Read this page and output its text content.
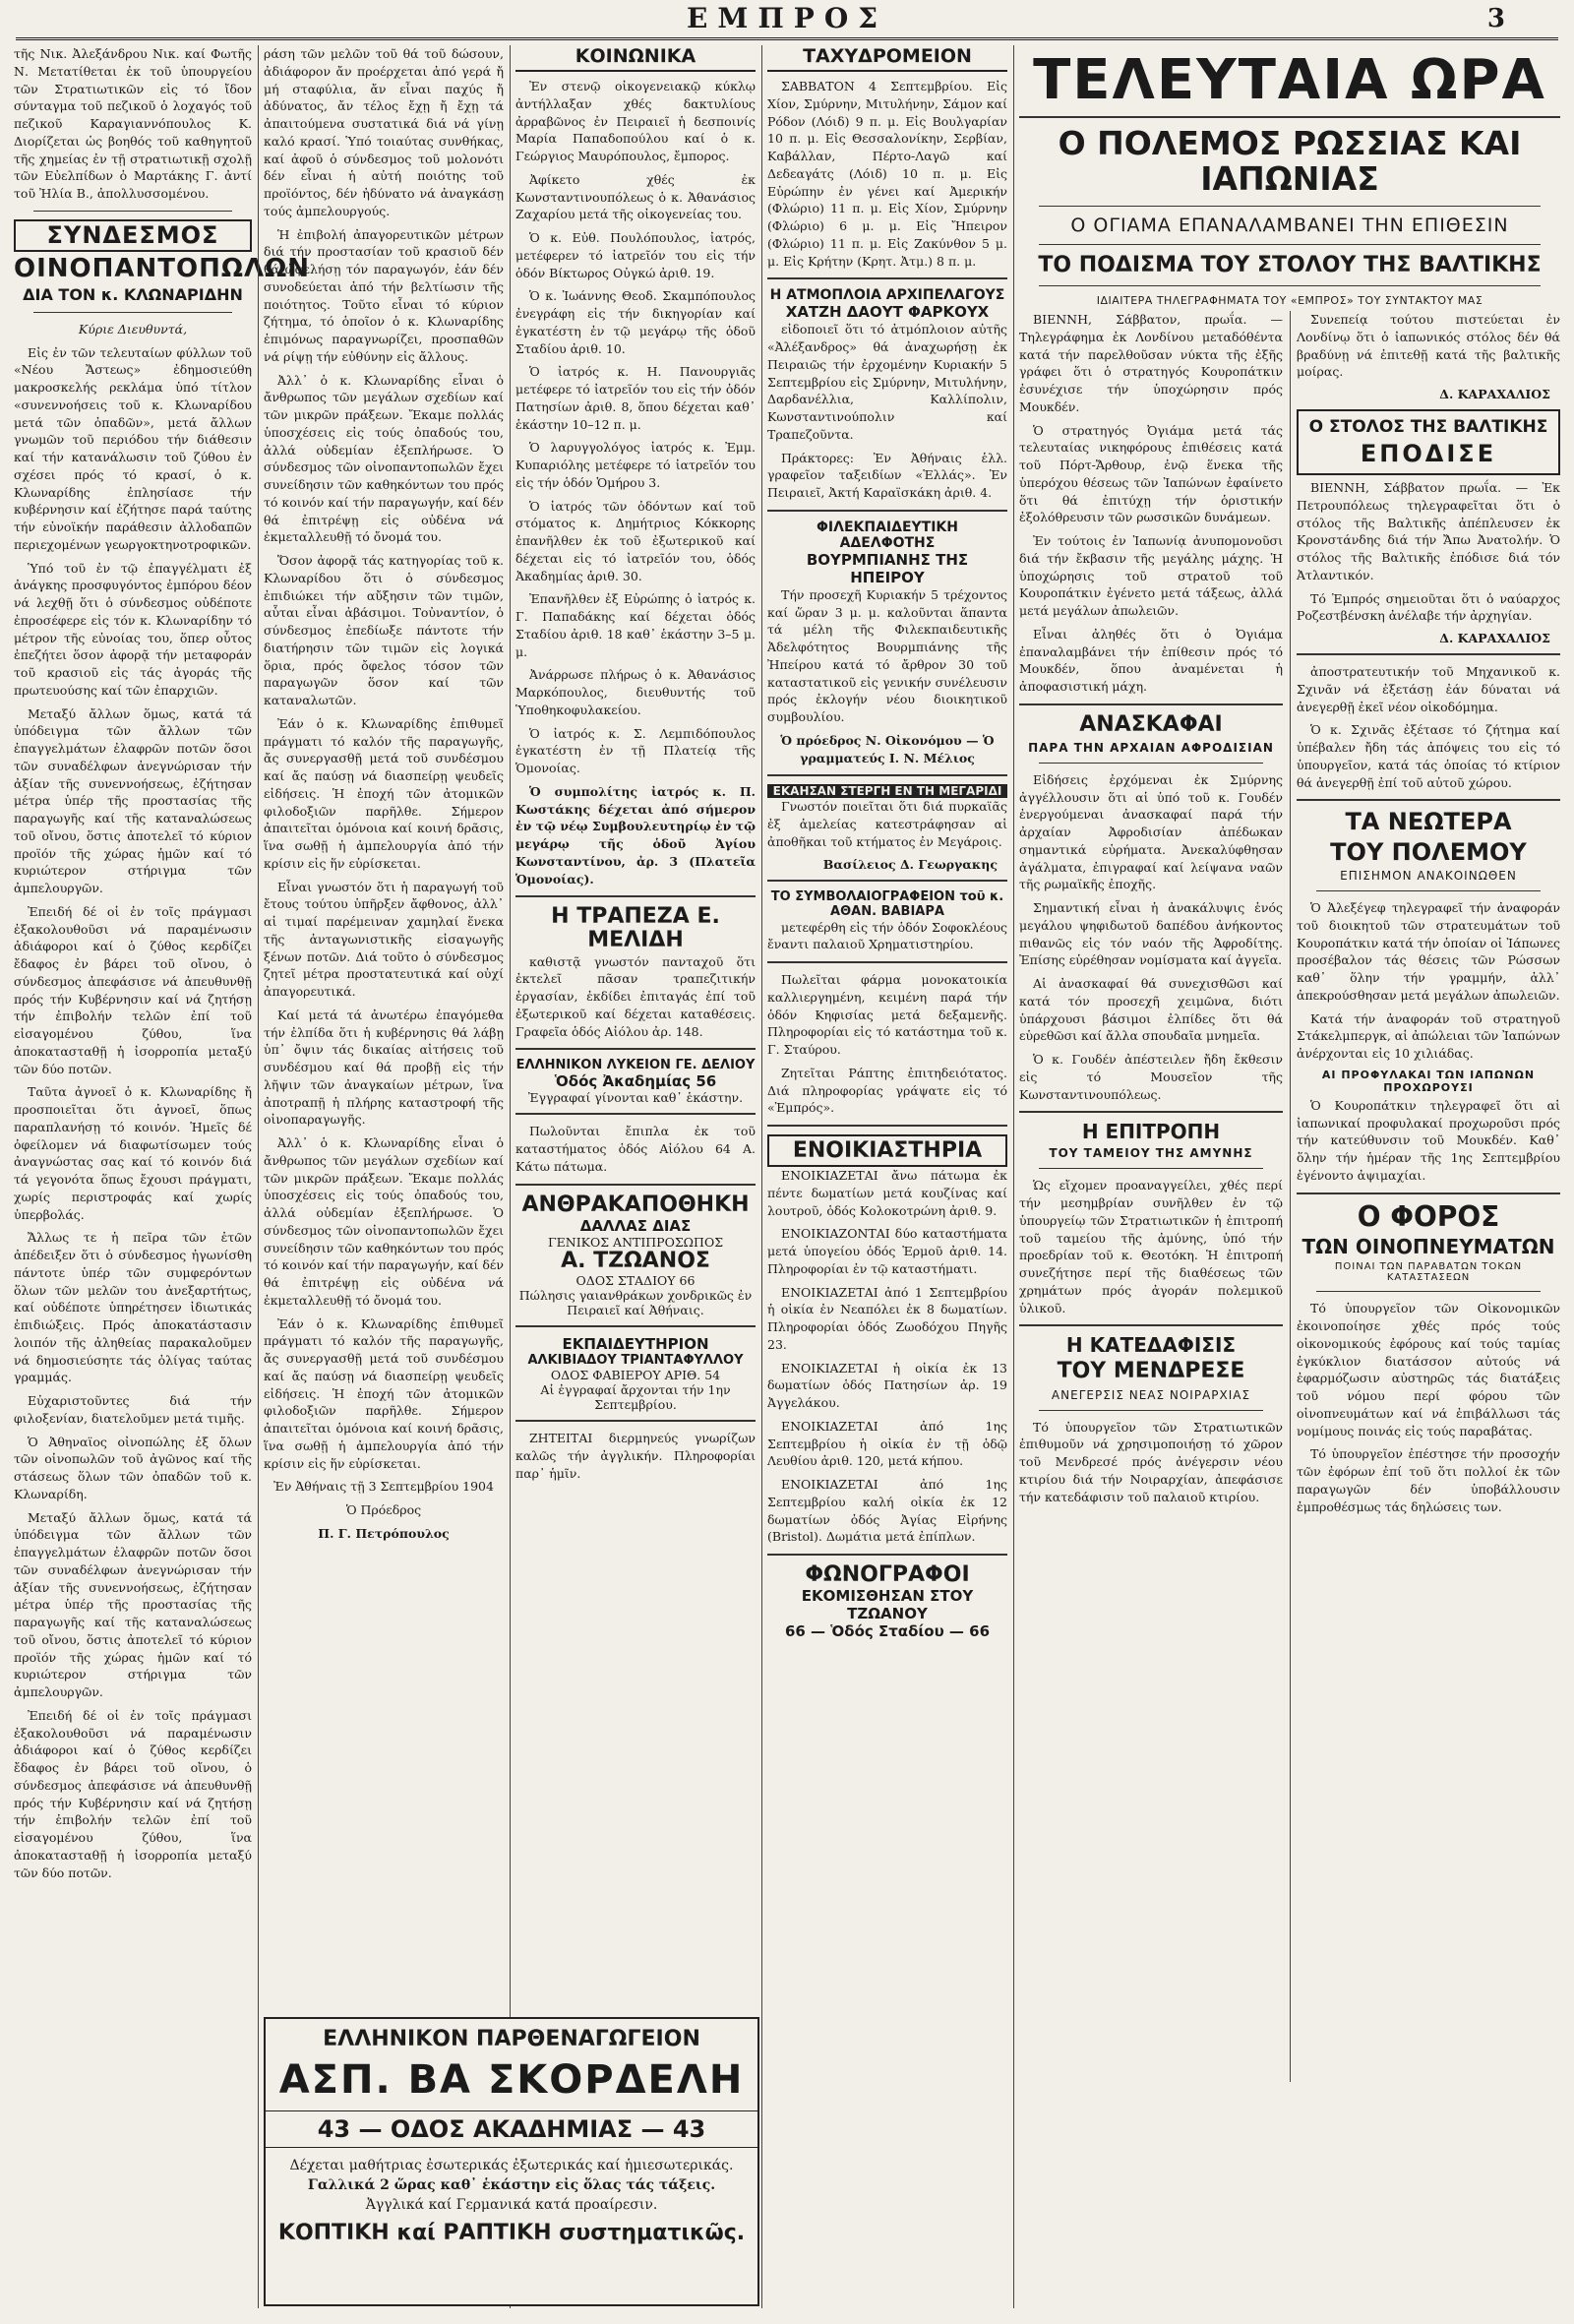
ΕΜΠΡΟΣ	3

τῆς Νικ. Ἀλεξάνδρου Νικ. καί Φωτῆς Ν. Μετατίθεται ἐκ τοῦ ὑπουργείου τῶν Στρατιωτικῶν εἰς τό ἴδον σύνταγμα τοῦ πεζικοῦ ὁ λοχαγός τοῦ πεζικοῦ Καραγιαννόπουλος Κ. Διορίζεται ὡς βοηθός τοῦ καθηγητοῦ τῆς χημείας ἐν τῇ στρατιωτικῇ σχολῇ τῶν Εὐελπίδων ὁ Μαρτάκης Γ. ἀντί τοῦ Ἠλία Β., ἀπολλυσσομένου.

ΣΥΝΔΕΣΜΟΣ
ΟΙΝΟΠΑΝΤΟΠΩΛΩΝ
ΔΙΑ ΤΟΝ κ. ΚΛΩΝΑΡΙΔΗΝ

Κύριε Διευθυντά,

Εἰς ἐν τῶν τελευταίων φύλλων τοῦ «Νέου Ἄστεως» ἐδημοσιεύθη μακροσκελής ρεκλάμα ὑπό τίτλον «συνεννοήσεις τοῦ κ. Κλωναρίδου μετά τῶν ὀπαδῶν», μετά ἄλλων γνωμῶν τοῦ περιόδου τήν διάθεσιν καί τήν κατανάλωσιν τοῦ ζύθου ἐν σχέσει πρός τό κρασί, ὁ κ. Κλωναρίδης ἐπλησίασε τήν κυβέρνησιν καί ἐζήτησε παρά ταύτης τήν εὐνοϊκήν παράθεσιν ἀλλοδαπῶν περιεχομένων γεωργοκτηνοτροφικῶν.

Ὑπό τοῦ ἐν τῷ ἐπαγγέλματι ἐξ ἀνάγκης προσφυγόντος ἐμπόρου δέον νά λεχθῇ ὅτι ὁ σύνδεσμος οὐδέποτε ἐπροσέφερε εἰς τόν κ. Κλωναρίδην τό μέτρον τῆς εὐνοίας του, ὅπερ οὗτος ἐπεζήτει ὅσον ἀφορᾷ τήν μεταφοράν τοῦ κρασιοῦ εἰς τάς ἀγοράς τῆς πρωτευούσης καί τῶν ἐπαρχιῶν.

Μεταξύ ἄλλων ὅμως, κατά τά ὑπόδειγμα τῶν ἄλλων τῶν ἐπαγγελμάτων ἐλαφρῶν ποτῶν ὅσοι τῶν συναδέλφων ἀνεγνώρισαν τήν ἀξίαν τῆς συνεννοήσεως, ἐζήτησαν μέτρα ὑπέρ τῆς προστασίας τῆς παραγωγῆς καί τῆς καταναλώσεως τοῦ οἴνου, ὅστις ἀποτελεῖ τό κύριον προϊόν τῆς χώρας ἡμῶν καί τό κυριώτερον στήριγμα τῶν ἀμπελουργῶν.

Ἐπειδή δέ οἱ ἐν τοῖς πράγμασι ἐξακολουθοῦσι νά παραμένωσιν ἀδιάφοροι καί ὁ ζύθος κερδίζει ἔδαφος ἐν βάρει τοῦ οἴνου, ὁ σύνδεσμος ἀπεφάσισε νά ἀπευθυνθῇ πρός τήν Κυβέρνησιν καί νά ζητήσῃ τήν ἐπιβολήν τελῶν ἐπί τοῦ εἰσαγομένου ζύθου, ἵνα ἀποκατασταθῇ ἡ ἰσορροπία μεταξύ τῶν δύο ποτῶν.

Ταῦτα ἀγνοεῖ ὁ κ. Κλωναρίδης ἤ προσποιεῖται ὅτι ἀγνοεῖ, ὅπως παραπλανήσῃ τό κοινόν. Ἡμεῖς δέ ὀφείλομεν νά διαφωτίσωμεν τούς ἀναγνώστας σας καί τό κοινόν διά τά γεγονότα ὅπως ἔχουσι πράγματι, χωρίς περιστροφάς καί χωρίς ὑπερβολάς.

Ἄλλως τε ἡ πεῖρα τῶν ἐτῶν ἀπέδειξεν ὅτι ὁ σύνδεσμος ἠγωνίσθη πάντοτε ὑπέρ τῶν συμφερόντων ὅλων τῶν μελῶν του ἀνεξαρτήτως, καί οὐδέποτε ὑπηρέτησεν ἰδιωτικάς ἐπιδιώξεις. Πρός ἀποκατάστασιν λοιπόν τῆς ἀληθείας παρακαλοῦμεν νά δημοσιεύσητε τάς ὀλίγας ταύτας γραμμάς.

Εὐχαριστοῦντες διά τήν φιλοξενίαν, διατελοῦμεν μετά τιμῆς.

Ὁ Ἀθηναϊος οἰνοπώλης ἐξ ὄλων τῶν οἰνοπωλῶν τοῦ ἀγῶνος καί τῆς στάσεως ὅλων τῶν ὀπαδῶν τοῦ κ. Κλωναρίδη.

Μεταξύ ἄλλων ὅμως, κατά τά ὑπόδειγμα τῶν ἄλλων τῶν ἐπαγγελμάτων ἐλαφρῶν ποτῶν ὅσοι τῶν συναδέλφων ἀνεγνώρισαν τήν ἀξίαν τῆς συνεννοήσεως, ἐζήτησαν μέτρα ὑπέρ τῆς προστασίας τῆς παραγωγῆς καί τῆς καταναλώσεως τοῦ οἴνου, ὅστις ἀποτελεῖ τό κύριον προϊόν τῆς χώρας ἡμῶν καί τό κυριώτερον στήριγμα τῶν ἀμπελουργῶν.

Ἐπειδή δέ οἱ ἐν τοῖς πράγμασι ἐξακολουθοῦσι νά παραμένωσιν ἀδιάφοροι καί ὁ ζύθος κερδίζει ἔδαφος ἐν βάρει τοῦ οἴνου, ὁ σύνδεσμος ἀπεφάσισε νά ἀπευθυνθῇ πρός τήν Κυβέρνησιν καί νά ζητήσῃ τήν ἐπιβολήν τελῶν ἐπί τοῦ εἰσαγομένου ζύθου, ἵνα ἀποκατασταθῇ ἡ ἰσορροπία μεταξύ τῶν δύο ποτῶν.

ράση τῶν μελῶν τοῦ θά τοῦ δώσουν, ἀδιάφορον ἄν προέρχεται ἀπό γερά ἤ μή σταφύλια, ἄν εἶναι παχύς ἤ ἀδύνατος, ἄν τέλος ἔχῃ ἤ ἔχῃ τά ἀπαιτούμενα συστατικά διά νά γίνῃ καλό κρασί. Ὑπό τοιαύτας συνθήκας, καί ἀφοῦ ὁ σύνδεσμος τοῦ μολονότι δέν εἶναι ἡ αὐτή ποιότης τοῦ προϊόντος, δέν ἠδύνατο νά ἀναγκάσῃ τούς ἀμπελουργούς.

Ἡ ἐπιβολή ἀπαγορευτικῶν μέτρων διά τήν προστασίαν τοῦ κρασιοῦ δέν θά ὠφελήσῃ τόν παραγωγόν, ἐάν δέν συνοδεύεται ἀπό τήν βελτίωσιν τῆς ποιότητος. Τοῦτο εἶναι τό κύριον ζήτημα, τό ὁποῖον ὁ κ. Κλωναρίδης ἐπιμόνως παραγνωρίζει, προσπαθῶν νά ρίψῃ τήν εὐθύνην εἰς ἄλλους.

Ἀλλ᾽ ὁ κ. Κλωναρίδης εἶναι ὁ ἄνθρωπος τῶν μεγάλων σχεδίων καί τῶν μικρῶν πράξεων. Ἔκαμε πολλάς ὑποσχέσεις εἰς τούς ὀπαδούς του, ἀλλά οὐδεμίαν ἐξεπλήρωσε. Ὁ σύνδεσμος τῶν οἰνοπαντοπωλῶν ἔχει συνείδησιν τῶν καθηκόντων του πρός τό κοινόν καί τήν παραγωγήν, καί δέν θά ἐπιτρέψῃ εἰς οὐδένα νά ἐκμεταλλευθῇ τό ὄνομά του.

Ὅσον ἀφορᾷ τάς κατηγορίας τοῦ κ. Κλωναρίδου ὅτι ὁ σύνδεσμος ἐπιδιώκει τήν αὔξησιν τῶν τιμῶν, αὗται εἶναι ἀβάσιμοι. Τοὐναντίον, ὁ σύνδεσμος ἐπεδίωξε πάντοτε τήν διατήρησιν τῶν τιμῶν εἰς λογικά ὅρια, πρός ὄφελος τόσον τῶν παραγωγῶν ὅσον καί τῶν καταναλωτῶν.

Ἐάν ὁ κ. Κλωναρίδης ἐπιθυμεῖ πράγματι τό καλόν τῆς παραγωγῆς, ἄς συνεργασθῇ μετά τοῦ συνδέσμου καί ἄς παύσῃ νά διασπείρῃ ψευδεῖς εἰδήσεις. Ἡ ἐποχή τῶν ἀτομικῶν φιλοδοξιῶν παρῆλθε. Σήμερον ἀπαιτεῖται ὁμόνοια καί κοινή δρᾶσις, ἵνα σωθῇ ἡ ἀμπελουργία ἀπό τήν κρίσιν εἰς ἥν εὑρίσκεται.

Εἶναι γνωστόν ὅτι ἡ παραγωγή τοῦ ἔτους τούτου ὑπῆρξεν ἄφθονος, ἀλλ᾽ αἱ τιμαί παρέμειναν χαμηλαί ἕνεκα τῆς ἀνταγωνιστικῆς εἰσαγωγῆς ξένων ποτῶν. Διά τοῦτο ὁ σύνδεσμος ζητεῖ μέτρα προστατευτικά καί οὐχί ἀπαγορευτικά.

Καί μετά τά ἀνωτέρω ἐπαγόμεθα τήν ἐλπίδα ὅτι ἡ κυβέρνησις θά λάβῃ ὑπ᾽ ὄψιν τάς δικαίας αἰτήσεις τοῦ συνδέσμου καί θά προβῇ εἰς τήν λῆψιν τῶν ἀναγκαίων μέτρων, ἵνα ἀποτραπῇ ἡ πλήρης καταστροφή τῆς οἰνοπαραγωγῆς.

Ἀλλ᾽ ὁ κ. Κλωναρίδης εἶναι ὁ ἄνθρωπος τῶν μεγάλων σχεδίων καί τῶν μικρῶν πράξεων. Ἔκαμε πολλάς ὑποσχέσεις εἰς τούς ὀπαδούς του, ἀλλά οὐδεμίαν ἐξεπλήρωσε. Ὁ σύνδεσμος τῶν οἰνοπαντοπωλῶν ἔχει συνείδησιν τῶν καθηκόντων του πρός τό κοινόν καί τήν παραγωγήν, καί δέν θά ἐπιτρέψῃ εἰς οὐδένα νά ἐκμεταλλευθῇ τό ὄνομά του.

Ἐάν ὁ κ. Κλωναρίδης ἐπιθυμεῖ πράγματι τό καλόν τῆς παραγωγῆς, ἄς συνεργασθῇ μετά τοῦ συνδέσμου καί ἄς παύσῃ νά διασπείρῃ ψευδεῖς εἰδήσεις. Ἡ ἐποχή τῶν ἀτομικῶν φιλοδοξιῶν παρῆλθε. Σήμερον ἀπαιτεῖται ὁμόνοια καί κοινή δρᾶσις, ἵνα σωθῇ ἡ ἀμπελουργία ἀπό τήν κρίσιν εἰς ἥν εὑρίσκεται.

Ἐν Ἀθήναις τῇ 3 Σεπτεμβρίου 1904

Ὁ Πρόεδρος

Π. Γ. Πετρόπουλος

ΕΛΛΗΝΙΚΟΝ ΠΑΡΘΕΝΑΓΩΓΕΙΟΝ
ΑΣΠ. ΒΑ ΣΚΟΡΔΕΛΗ
43 — ΟΔΟΣ ΑΚΑΔΗΜΙΑΣ — 43
Δέχεται μαθήτριας ἐσωτερικάς ἐξωτερικάς καί ἡμιεσωτερικάς.
Γαλλικά 2 ὥρας καθ᾽ ἑκάστην εἰς ὅλας τάς τάξεις.
Ἀγγλικά καί Γερμανικά κατά προαίρεσιν.
ΚΟΠΤΙΚΗ καί ΡΑΠΤΙΚΗ συστηματικῶς.
ΚΟΙΝΩΝΙΚΑ

Ἐν στενῷ οἰκογενειακῷ κύκλῳ ἀντήλλαξαν χθές δακτυλίους ἀρραβῶνος ἐν Πειραιεῖ ἡ δεσποινίς Μαρία Παπαδοπούλου καί ὁ κ. Γεώργιος Μαυρόπουλος, ἔμπορος.

Ἀφίκετο χθές ἐκ Κωνσταντινουπόλεως ὁ κ. Ἀθανάσιος Ζαχαρίου μετά τῆς οἰκογενείας του.

Ὁ κ. Εὐθ. Πουλόπουλος, ἰατρός, μετέφερεν τό ἰατρεῖόν του εἰς τήν ὁδόν Βίκτωρος Οὐγκώ ἀριθ. 19.

Ὁ κ. Ἰωάννης Θεοδ. Σκαμπόπουλος ἐνεγράφη εἰς τήν δικηγορίαν καί ἐγκατέστη ἐν τῷ μεγάρῳ τῆς ὁδοῦ Σταδίου ἀριθ. 10.

Ὁ ἰατρός κ. Η. Πανουργιᾶς μετέφερε τό ἰατρεῖόν του εἰς τήν ὁδόν Πατησίων ἀριθ. 8, ὅπου δέχεται καθ᾽ ἑκάστην 10–12 π. μ.

Ὁ λαρυγγολόγος ἰατρός κ. Ἐμμ. Κυπαριόλης μετέφερε τό ἰατρεῖόν του εἰς τήν ὁδόν Ὁμήρου 3.

Ὁ ἰατρός τῶν ὀδόντων καί τοῦ στόματος κ. Δημήτριος Κόκκορης ἐπανῆλθεν ἐκ τοῦ ἐξωτερικοῦ καί δέχεται εἰς τό ἰατρεῖόν του, ὁδός Ἀκαδημίας ἀριθ. 30.

Ἐπανῆλθεν ἐξ Εὐρώπης ὁ ἰατρός κ. Γ. Παπαδάκης καί δέχεται ὁδός Σταδίου ἀριθ. 18 καθ᾽ ἑκάστην 3–5 μ. μ.

Ἀνάρρωσε πλήρως ὁ κ. Ἀθανάσιος Μαρκόπουλος, διευθυντής τοῦ Ὑποθηκοφυλακείου.

Ὁ ἰατρός κ. Σ. Λεμπιδόπουλος ἐγκατέστη ἐν τῇ Πλατείᾳ τῆς Ὁμονοίας.

Ὁ συμπολίτης ἰατρός κ. Π. Κωστάκης δέχεται ἀπό σήμερον ἐν τῷ νέῳ Συμβουλευτηρίῳ ἐν τῷ μεγάρῳ τῆς ὁδοῦ Ἀγίου Κωνσταντίνου, ἀρ. 3 (Πλατεῖα Ὁμονοίας).

Η ΤΡΑΠΕΖΑ Ε. ΜΕΛΙΔΗ

καθιστᾷ γνωστόν πανταχοῦ ὅτι ἐκτελεῖ πᾶσαν τραπεζιτικήν ἐργασίαν, ἐκδίδει ἐπιταγάς ἐπί τοῦ ἐξωτερικοῦ καί δέχεται καταθέσεις. Γραφεῖα ὁδός Αἰόλου ἀρ. 148.

ΕΛΛΗΝΙΚΟΝ ΛΥΚΕΙΟΝ ΓΕ. ΔΕΛΙΟΥ
Ὁδός Ἀκαδημίας 56
Ἐγγραφαί γίνονται καθ᾽ ἑκάστην.

Πωλοῦνται ἔπιπλα ἐκ τοῦ καταστήματος ὁδός Αἰόλου 64 Α. Κάτω πάτωμα.

ΑΝΘΡΑΚΑΠΟΘΗΚΗ
ΔΑΛΛΑΣ ΔΙΑΣ
ΓΕΝΙΚΟΣ ΑΝΤΙΠΡΟΣΩΠΟΣ
Α. ΤΖΩΑΝΟΣ
ΟΔΟΣ ΣΤΑΔΙΟΥ 66
Πώλησις γαιανθράκων χονδρικῶς ἐν Πειραιεῖ καί Ἀθήναις.
ΕΚΠΑΙΔΕΥΤΗΡΙΟΝ
ΑΛΚΙΒΙΑΔΟΥ ΤΡΙΑΝΤΑΦΥΛΛΟΥ
ΟΔΟΣ ΦΑΒΙΕΡΟΥ ΑΡΙΘ. 54
Αἱ ἐγγραφαί ἄρχονται τήν 1ην Σεπτεμβρίου.

ΖΗΤΕΙΤΑΙ διερμηνεύς γνωρίζων καλῶς τήν ἀγγλικήν. Πληροφορίαι παρ᾽ ἡμῖν.

ΤΑΧΥΔΡΟΜΕΙΟΝ

ΣΑΒΒΑΤΟΝ 4 Σεπτεμβρίου. Εἰς Χίον, Σμύρνην, Μιτυλήνην, Σάμον καί Ρόδον (Λόιδ) 9 π. μ. Εἰς Βουλγαρίαν 10 π. μ. Εἰς Θεσσαλονίκην, Σερβίαν, Καβάλλαν, Πέρτο-Λαγῶ καί Δεδεαγάτς (Λόιδ) 10 π. μ. Εἰς Εὐρώπην ἐν γένει καί Ἀμερικήν (Φλώριο) 11 π. μ. Εἰς Χίον, Σμύρνην (Φλώριο) 6 μ. μ. Εἰς Ἤπειρον (Φλώριο) 11 π. μ. Εἰς Ζακύνθον 5 μ. μ. Εἰς Κρήτην (Κρητ. Ἀτμ.) 8 π. μ.

Η ΑΤΜΟΠΛΟΙΑ ΑΡΧΙΠΕΛΑΓΟΥΣ
ΧΑΤΖΗ ΔΑΟΥΤ ΦΑΡΚΟΥΧ

εἰδοποιεῖ ὅτι τό ἀτμόπλοιον αὐτῆς «Ἀλέξανδρος» θά ἀναχωρήσῃ ἐκ Πειραιῶς τήν ἐρχομένην Κυριακήν 5 Σεπτεμβρίου εἰς Σμύρνην, Μιτυλήνην, Δαρδανέλλια, Καλλίπολιν, Κωνσταντινούπολιν καί Τραπεζοῦντα.

Πράκτορες: Ἐν Ἀθήναις ἑλλ. γραφεῖον ταξειδίων «Ἑλλάς». Ἐν Πειραιεῖ, Ἀκτή Καραϊσκάκη ἀριθ. 4.

ΦΙΛΕΚΠΑΙΔΕΥΤΙΚΗ ΑΔΕΛΦΟΤΗΣ
ΒΟΥΡΜΠΙΑΝΗΣ ΤΗΣ ΗΠΕΙΡΟΥ

Τήν προσεχῆ Κυριακήν 5 τρέχοντος καί ὥραν 3 μ. μ. καλοῦνται ἅπαντα τά μέλη τῆς Φιλεκπαιδευτικῆς Ἀδελφότητος Βουρμπιάνης τῆς Ἠπείρου κατά τό ἄρθρον 30 τοῦ καταστατικοῦ εἰς γενικήν συνέλευσιν πρός ἐκλογήν νέου διοικητικοῦ συμβουλίου.

Ὁ πρόεδρος Ν. Οἰκονόμου — Ὁ γραμματεύς Ι. Ν. Μέλιος

ΕΚΑΗΣΑΝ ΣΤΕΡΓΗ ΕΝ ΤΗ ΜΕΓΑΡΙΔΙ

Γνωστόν ποιεῖται ὅτι διά πυρκαϊᾶς ἐξ ἀμελείας κατεστράφησαν αἱ ἀποθῆκαι τοῦ κτήματος ἐν Μεγάροις.

Βασίλειος Δ. Γεωργακης
ΤΟ ΣΥΜΒΟΛΑΙΟΓΡΑΦΕΙΟΝ τοῦ κ. ΑΘΑΝ. ΒΑΒΙΑΡΑ

μετεφέρθη εἰς τήν ὁδόν Σοφοκλέους ἔναντι παλαιοῦ Χρηματιστηρίου.

Πωλεῖται φάρμα μονοκατοικία καλλιεργημένη, κειμένη παρά τήν ὁδόν Κηφισίας μετά δεξαμενῆς. Πληροφορίαι εἰς τό κατάστημα τοῦ κ. Γ. Σταύρου.

Ζητεῖται Ράπτης ἐπιτηδειότατος. Διά πληροφορίας γράψατε εἰς τό «Ἐμπρός».

ΕΝΟΙΚΙΑΣΤΗΡΙΑ

ΕΝΟΙΚΙΑΖΕΤΑΙ ἄνω πάτωμα ἐκ πέντε δωματίων μετά κουζίνας καί λουτροῦ, ὁδός Κολοκοτρώνη ἀριθ. 9.

ΕΝΟΙΚΙΑΖΟΝΤΑΙ δύο καταστήματα μετά ὑπογείου ὁδός Ἑρμοῦ ἀριθ. 14. Πληροφορίαι ἐν τῷ καταστήματι.

ΕΝΟΙΚΙΑΖΕΤΑΙ ἀπό 1 Σεπτεμβρίου ἡ οἰκία ἐν Νεαπόλει ἐκ 8 δωματίων. Πληροφορίαι ὁδός Ζωοδόχου Πηγῆς 23.

ΕΝΟΙΚΙΑΖΕΤΑΙ ἡ οἰκία ἐκ 13 δωματίων ὁδός Πατησίων ἀρ. 19 Ἀγγελάκου.

ΕΝΟΙΚΙΑΖΕΤΑΙ ἀπό 1ης Σεπτεμβρίου ἡ οἰκία ἐν τῇ ὁδῷ Λευθίου ἀριθ. 120, μετά κήπου.

ΕΝΟΙΚΙΑΖΕΤΑΙ ἀπό 1ης Σεπτεμβρίου καλή οἰκία ἐκ 12 δωματίων ὁδός Ἀγίας Εἰρήνης (Bristol). Δωμάτια μετά ἐπίπλων.

ΦΩΝΟΓΡΑΦΟΙ
ΕΚΟΜΙΣΘΗΣΑΝ ΣΤΟΥ ΤΖΩΑΝΟΥ
66 — Ὁδός Σταδίου — 66
ΤΕΛΕΥΤΑΙΑ ΩΡΑ
Ο ΠΟΛΕΜΟΣ ΡΩΣΣΙΑΣ ΚΑΙ ΙΑΠΩΝΙΑΣ
Ο ΟΓΙΑΜΑ ΕΠΑΝΑΛΑΜΒΑΝΕΙ ΤΗΝ ΕΠΙΘΕΣΙΝ
ΤΟ ΠΟΔΙΣΜΑ ΤΟΥ ΣΤΟΛΟΥ ΤΗΣ ΒΑΛΤΙΚΗΣ
ΙΔΙΑΙΤΕΡΑ ΤΗΛΕΓΡΑΦΗΜΑΤΑ ΤΟΥ «ΕΜΠΡΟΣ» ΤΟΥ ΣΥΝΤΑΚΤΟΥ ΜΑΣ

ΒΙΕΝΝΗ, Σάββατον, πρωΐα. — Τηλεγράφημα ἐκ Λονδίνου μεταδόθέντα κατά τήν παρελθοῦσαν νύκτα τῆς ἐξῆς γράφει ὅτι ὁ στρατηγός Κουροπάτκιν ἐσυνέχισε τήν ὑποχώρησιν πρός Μουκδέν.

Ὁ στρατηγός Ὀγιάμα μετά τάς τελευταίας νικηφόρους ἐπιθέσεις κατά τοῦ Πόρτ-Ἄρθουρ, ἐνῷ ἕνεκα τῆς ὑπερόχου θέσεως τῶν Ἰαπώνων ἐφαίνετο ὅτι θά ἐπιτύχῃ τήν ὁριστικήν ἐξολόθρευσιν τῶν ρωσσικῶν δυνάμεων.

Ἐν τούτοις ἐν Ἰαπωνίᾳ ἀνυπομονοῦσι διά τήν ἔκβασιν τῆς μεγάλης μάχης. Ἡ ὑποχώρησις τοῦ στρατοῦ τοῦ Κουροπάτκιν ἐγένετο μετά τάξεως, ἀλλά μετά μεγάλων ἀπωλειῶν.

Εἶναι ἀληθές ὅτι ὁ Ὀγιάμα ἐπαναλαμβάνει τήν ἐπίθεσιν πρός τό Μουκδέν, ὅπου ἀναμένεται ἡ ἀποφασιστική μάχη.

ΑΝΑΣΚΑΦΑΙ
ΠΑΡΑ ΤΗΝ ΑΡΧΑΙΑΝ ΑΦΡΟΔΙΣΙΑΝ

Εἰδήσεις ἐρχόμεναι ἐκ Σμύρνης ἀγγέλλουσιν ὅτι αἱ ὑπό τοῦ κ. Γουδέν ἐνεργούμεναι ἀνασκαφαί παρά τήν ἀρχαίαν Ἀφροδισίαν ἀπέδωκαν σημαντικά εὑρήματα. Ἀνεκαλύφθησαν ἀγάλματα, ἐπιγραφαί καί λείψανα ναῶν τῆς ρωμαϊκῆς ἐποχῆς.

Σημαντική εἶναι ἡ ἀνακάλυψις ἑνός μεγάλου ψηφιδωτοῦ δαπέδου ἀνήκοντος πιθανῶς εἰς τόν ναόν τῆς Ἀφροδίτης. Ἐπίσης εὑρέθησαν νομίσματα καί ἀγγεῖα.

Αἱ ἀνασκαφαί θά συνεχισθῶσι καί κατά τόν προσεχῆ χειμῶνα, διότι ὑπάρχουσι βάσιμοι ἐλπίδες ὅτι θά εὑρεθῶσι καί ἄλλα σπουδαῖα μνημεῖα.

Ὁ κ. Γουδέν ἀπέστειλεν ἤδη ἔκθεσιν εἰς τό Μουσεῖον τῆς Κωνσταντινουπόλεως.

Η ΕΠΙΤΡΟΠΗ
ΤΟΥ ΤΑΜΕΙΟΥ ΤΗΣ ΑΜΥΝΗΣ

Ὡς εἴχομεν προαναγγείλει, χθές περί τήν μεσημβρίαν συνῆλθεν ἐν τῷ ὑπουργείῳ τῶν Στρατιωτικῶν ἡ ἐπιτροπή τοῦ ταμείου τῆς ἀμύνης, ὑπό τήν προεδρίαν τοῦ κ. Θεοτόκη. Ἡ ἐπιτροπή συνεζήτησε περί τῆς διαθέσεως τῶν χρημάτων πρός ἀγοράν πολεμικοῦ ὑλικοῦ.

Η ΚΑΤΕΔΑΦΙΣΙΣ
ΤΟΥ ΜΕΝΔΡΕΣΕ
ΑΝΕΓΕΡΣΙΣ ΝΕΑΣ ΝΟΙΡΑΡΧΙΑΣ

Τό ὑπουργεῖον τῶν Στρατιωτικῶν ἐπιθυμοῦν νά χρησιμοποιήσῃ τό χῶρον τοῦ Μενδρεσέ πρός ἀνέγερσιν νέου κτιρίου διά τήν Νοιραρχίαν, ἀπεφάσισε τήν κατεδάφισιν τοῦ παλαιοῦ κτιρίου.

Συνεπείᾳ τούτου πιστεύεται ἐν Λονδίνῳ ὅτι ὁ ἰαπωνικός στόλος δέν θά βραδύνῃ νά ἐπιτεθῇ κατά τῆς βαλτικῆς μοίρας.

Δ. ΚΑΡΑΧΑΛΙΟΣ
Ο ΣΤΟΛΟΣ ΤΗΣ ΒΑΛΤΙΚΗΣ
ΕΠΟΔΙΣΕ

ΒΙΕΝΝΗ, Σάββατον πρωΐα. — Ἐκ Πετρουπόλεως τηλεγραφεῖται ὅτι ὁ στόλος τῆς Βαλτικῆς ἀπέπλευσεν ἐκ Κρονστάνδης διά τήν Ἄπω Ἀνατολήν. Ὁ στόλος τῆς Βαλτικῆς ἐπόδισε διά τόν Ἀτλαντικόν.

Τό Ἐμπρός σημειοῦται ὅτι ὁ ναύαρχος Ροζεστβένσκη ἀνέλαβε τήν ἀρχηγίαν.

Δ. ΚΑΡΑΧΑΛΙΟΣ

ἀποστρατευτικήν τοῦ Μηχανικοῦ κ. Σχινᾶν νά ἐξετάσῃ ἐάν δύναται νά ἀνεγερθῇ ἐκεῖ νέον οἰκοδόμημα.

Ὁ κ. Σχινᾶς ἐξέτασε τό ζήτημα καί ὑπέβαλεν ἤδη τάς ἀπόψεις του εἰς τό ὑπουργεῖον, κατά τάς ὁποίας τό κτίριον θά ἀνεγερθῇ ἐπί τοῦ αὐτοῦ χώρου.

ΤΑ ΝΕΩΤΕΡΑ
ΤΟΥ ΠΟΛΕΜΟΥ
ΕΠΙΣΗΜΟΝ ΑΝΑΚΟΙΝΩΘΕΝ

Ὁ Ἀλεξέγεφ τηλεγραφεῖ τήν ἀναφοράν τοῦ διοικητοῦ τῶν στρατευμάτων τοῦ Κουροπάτκιν κατά τήν ὁποίαν οἱ Ἰάπωνες προσέβαλον τάς θέσεις τῶν Ρώσσων καθ᾽ ὅλην τήν γραμμήν, ἀλλ᾽ ἀπεκρούσθησαν μετά μεγάλων ἀπωλειῶν.

Κατά τήν ἀναφοράν τοῦ στρατηγοῦ Στάκελμπεργκ, αἱ ἀπώλειαι τῶν Ἰαπώνων ἀνέρχονται εἰς 10 χιλιάδας.

ΑΙ ΠΡΟΦΥΛΑΚΑΙ ΤΩΝ ΙΑΠΩΝΩΝ ΠΡΟΧΩΡΟΥΣΙ

Ὁ Κουροπάτκιν τηλεγραφεῖ ὅτι αἱ ἰαπωνικαί προφυλακαί προχωροῦσι πρός τήν κατεύθυνσιν τοῦ Μουκδέν. Καθ᾽ ὅλην τήν ἡμέραν τῆς 1ης Σεπτεμβρίου ἐγένοντο ἀψιμαχίαι.

Ο ΦΟΡΟΣ
ΤΩΝ ΟΙΝΟΠΝΕΥΜΑΤΩΝ
ΠΟΙΝΑΙ ΤΩΝ ΠΑΡΑΒΑΤΩΝ ΤΟΚΩΝ ΚΑΤΑΣΤΑΣΕΩΝ

Τό ὑπουργεῖον τῶν Οἰκονομικῶν ἐκοινοποίησε χθές πρός τούς οἰκονομικούς ἐφόρους καί τούς ταμίας ἐγκύκλιον διατάσσον αὐτούς νά ἐφαρμόζωσιν αὐστηρῶς τάς διατάξεις τοῦ νόμου περί φόρου τῶν οἰνοπνευμάτων καί νά ἐπιβάλλωσι τάς νομίμους ποινάς εἰς τούς παραβάτας.

Τό ὑπουργεῖον ἐπέστησε τήν προσοχήν τῶν ἐφόρων ἐπί τοῦ ὅτι πολλοί ἐκ τῶν παραγωγῶν δέν ὑποβάλλουσιν ἐμπροθέσμως τάς δηλώσεις των.
